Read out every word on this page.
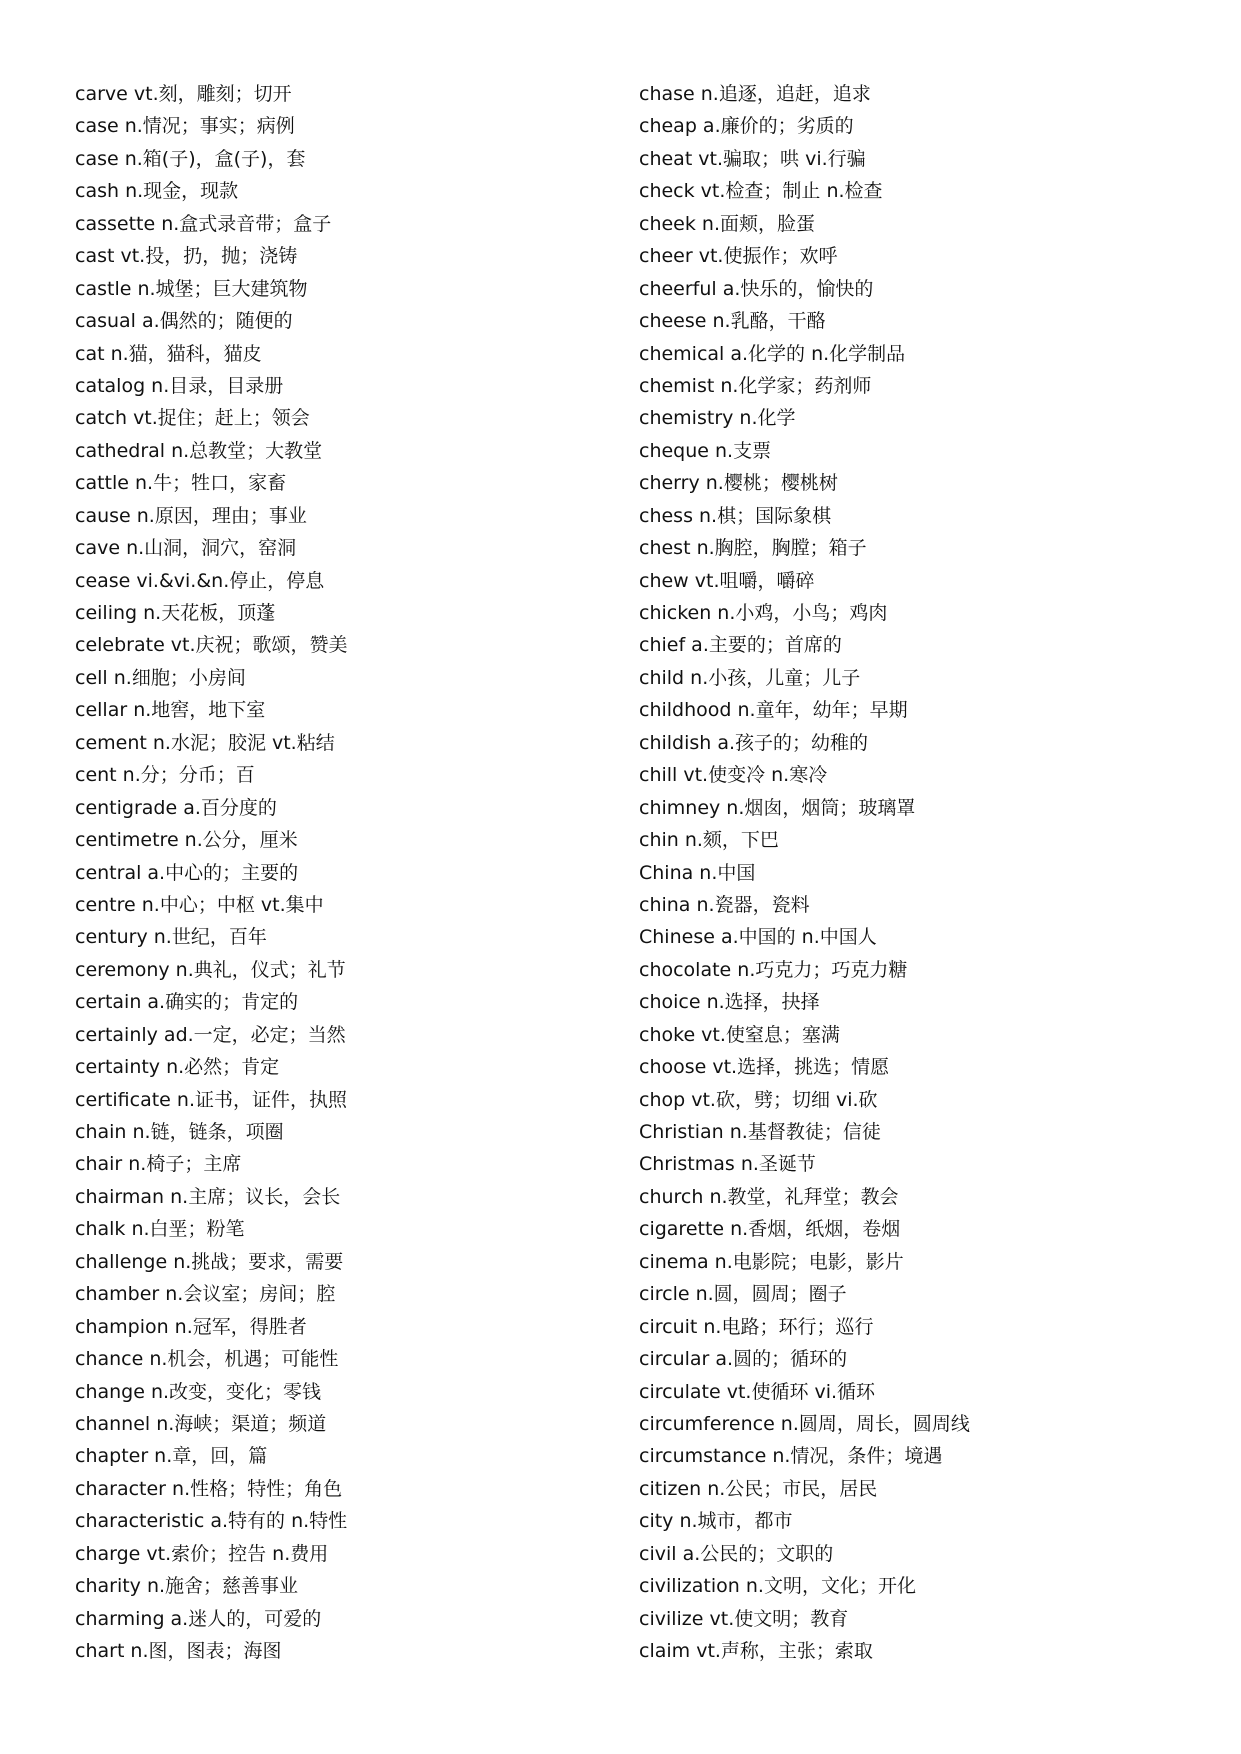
carve vt.刻，雕刻；切开
case n.情况；事实；病例
case n.箱(子)，盒(子)，套
cash n.现金，现款
cassette n.盒式录音带；盒子
cast vt.投，扔，抛；浇铸
castle n.城堡；巨大建筑物
casual a.偶然的；随便的
cat n.猫，猫科，猫皮
catalog n.目录，目录册
catch vt.捉住；赶上；领会
cathedral n.总教堂；大教堂
cattle n.牛；牲口，家畜
cause n.原因，理由；事业
cave n.山洞，洞穴，窑洞
cease vi.&vi.&n.停止，停息
ceiling n.天花板，顶蓬
celebrate vt.庆祝；歌颂，赞美
cell n.细胞；小房间
cellar n.地窖，地下室
cement n.水泥；胶泥 vt.粘结
cent n.分；分币；百
centigrade a.百分度的
centimetre n.公分，厘米
central a.中心的；主要的
centre n.中心；中枢 vt.集中
century n.世纪，百年
ceremony n.典礼，仪式；礼节
certain a.确实的；肯定的
certainly ad.一定，必定；当然
certainty n.必然；肯定
certificate n.证书，证件，执照
chain n.链，链条，项圈
chair n.椅子；主席
chairman n.主席；议长，会长
chalk n.白垩；粉笔
challenge n.挑战；要求，需要
chamber n.会议室；房间；腔
champion n.冠军，得胜者
chance n.机会，机遇；可能性
change n.改变，变化；零钱
channel n.海峡；渠道；频道
chapter n.章，回，篇
character n.性格；特性；角色
characteristic a.特有的 n.特性
charge vt.索价；控告 n.费用
charity n.施舍；慈善事业
charming a.迷人的，可爱的
chart n.图，图表；海图
chase n.追逐，追赶，追求
cheap a.廉价的；劣质的
cheat vt.骗取；哄 vi.行骗
check vt.检查；制止 n.检查
cheek n.面颊，脸蛋
cheer vt.使振作；欢呼
cheerful a.快乐的，愉快的
cheese n.乳酪，干酪
chemical a.化学的 n.化学制品
chemist n.化学家；药剂师
chemistry n.化学
cheque n.支票
cherry n.樱桃；樱桃树
chess n.棋；国际象棋
chest n.胸腔，胸膛；箱子
chew vt.咀嚼，嚼碎
chicken n.小鸡，小鸟；鸡肉
chief a.主要的；首席的
child n.小孩，儿童；儿子
childhood n.童年，幼年；早期
childish a.孩子的；幼稚的
chill vt.使变冷 n.寒冷
chimney n.烟囱，烟筒；玻璃罩
chin n.颏，下巴
China n.中国
china n.瓷器，瓷料
Chinese a.中国的 n.中国人
chocolate n.巧克力；巧克力糖
choice n.选择，抉择
choke vt.使窒息；塞满
choose vt.选择，挑选；情愿
chop vt.砍，劈；切细 vi.砍
Christian n.基督教徒；信徒
Christmas n.圣诞节
church n.教堂，礼拜堂；教会
cigarette n.香烟，纸烟，卷烟
cinema n.电影院；电影，影片
circle n.圆，圆周；圈子
circuit n.电路；环行；巡行
circular a.圆的；循环的
circulate vt.使循环 vi.循环
circumference n.圆周，周长，圆周线
circumstance n.情况，条件；境遇
citizen n.公民；市民，居民
city n.城市，都市
civil a.公民的；文职的
civilization n.文明，文化；开化
civilize vt.使文明；教育
claim vt.声称，主张；索取
